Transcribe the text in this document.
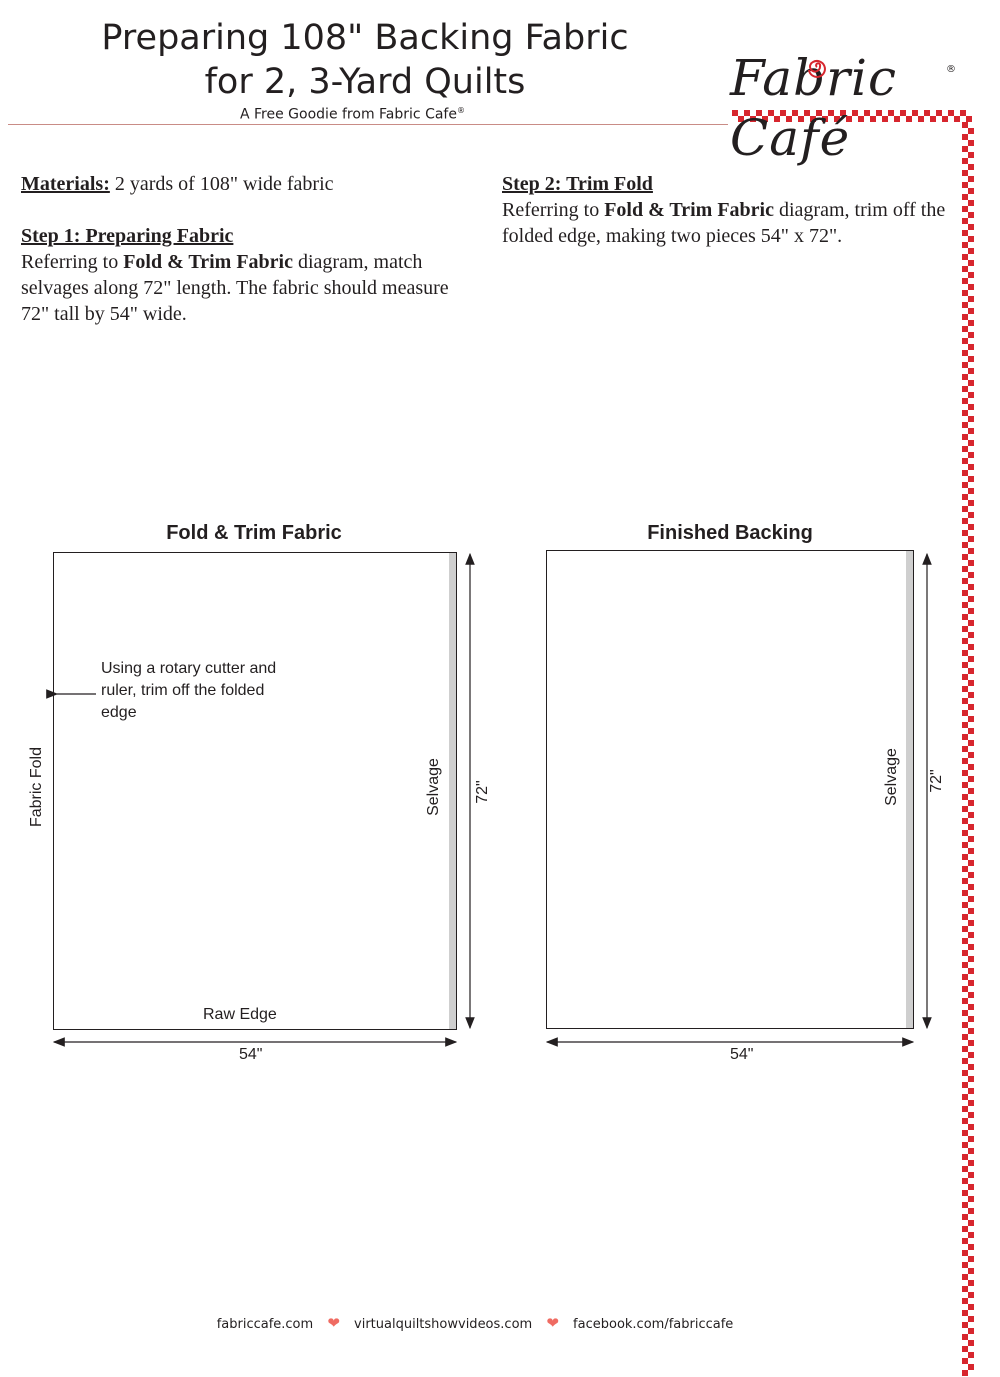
Preparing 108" Backing Fabric
for 2, 3-Yard Quilts
A Free Goodie from Fabric Cafe®
Fabric Café
®

Materials: 2 yards of 108" wide fabric

Step 1: Preparing Fabric

Referring to Fold & Trim Fabric diagram, match selvages along 72" length. The fabric should measure 72" tall by 54" wide.

Step 2: Trim Fold

Referring to Fold & Trim Fabric diagram, trim off the folded edge, making two pieces 54" x 72".

Fold & Trim Fabric
Using a rotary cutter and ruler, trim off the folded edge
Fabric Fold	Selvage 72"
Raw Edge
54"
Finished Backing
Selvage 72"
54"
fabriccafe.com ❤ virtualquiltshowvideos.com ❤ facebook.com/fabriccafe
